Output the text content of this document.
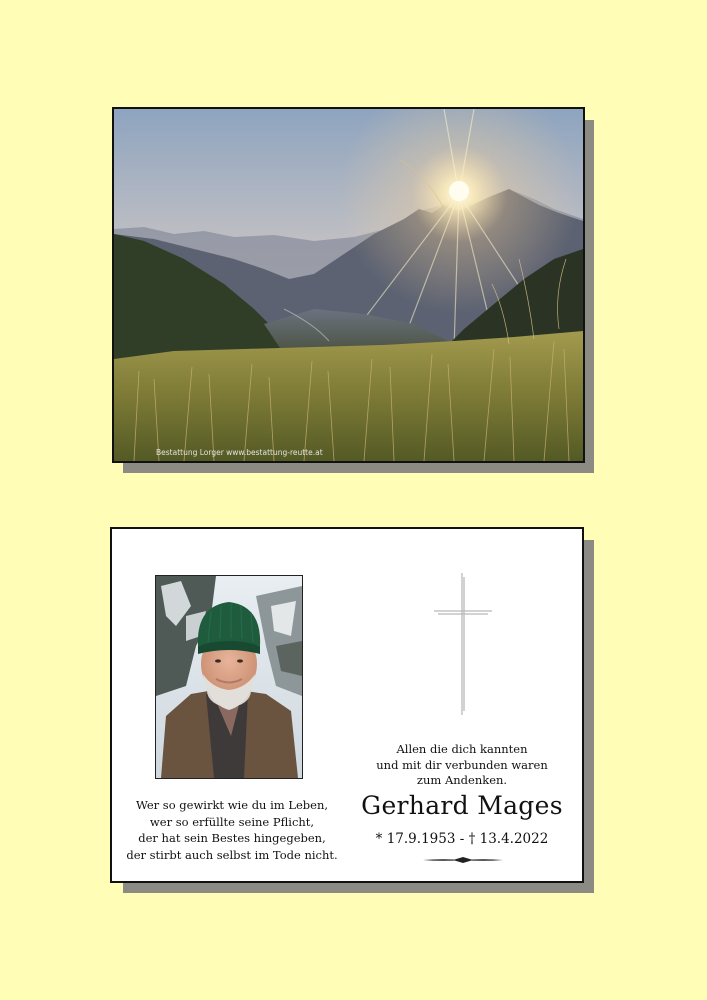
Bestattung Lorger www.bestattung-reutte.at
Wer so gewirkt wie du im Leben,
wer so erfüllte seine Pflicht,
der hat sein Bestes hingegeben,
der stirbt auch selbst im Tode nicht.
Allen die dich kannten
und mit dir verbunden waren
zum Andenken.
Gerhard Mages
* 17.9.1953 - † 13.4.2022
